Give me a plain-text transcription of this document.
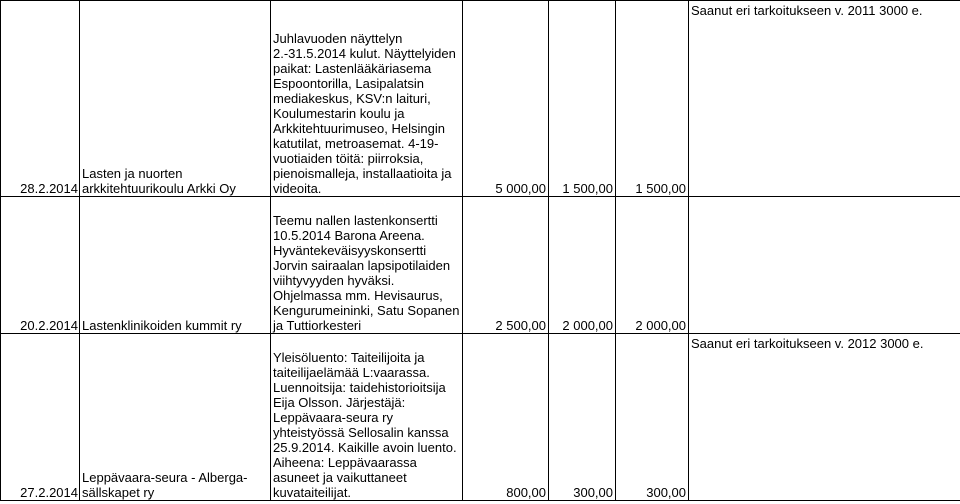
28.2.2014	Lasten ja nuorten arkkitehtuurikoulu Arkki Oy	Juhlavuoden näyttelyn 2.-31.5.2014 kulut. Näyttelyiden paikat: Lastenlääkäriasema Espoontorilla, Lasipalatsin mediakeskus, KSV:n laituri, Koulumestarin koulu ja Arkkitehtuurimuseo, Helsingin katutilat, metroasemat. 4-19-vuotiaiden töitä: piirroksia, pienoismalleja, installaatioita ja videoita.	5 000,00	1 500,00	1 500,00	Saanut eri tarkoitukseen v. 2011 3000 e.
20.2.2014	Lastenklinikoiden kummit ry	Teemu nallen lastenkonsertti 10.5.2014 Barona Areena. Hyväntekeväisyyskonsertti Jorvin sairaalan lapsipotilaiden viihtyvyyden hyväksi. Ohjelmassa mm. Hevisaurus, Kengurumeininki, Satu Sopanen ja Tuttiorkesteri	2 500,00	2 000,00	2 000,00	
27.2.2014	Leppävaara-seura - Alberga-sällskapet ry	Yleisöluento: Taiteilijoita ja taiteilijaelämää L:vaarassa. Luennoitsija: taidehistorioitsija Eija Olsson. Järjestäjä: Leppävaara-seura ry yhteistyössä Sellosalin kanssa 25.9.2014. Kaikille avoin luento. Aiheena: Leppävaarassa asuneet ja vaikuttaneet kuvataiteilijat.	800,00	300,00	300,00	Saanut eri tarkoitukseen v. 2012 3000 e.
